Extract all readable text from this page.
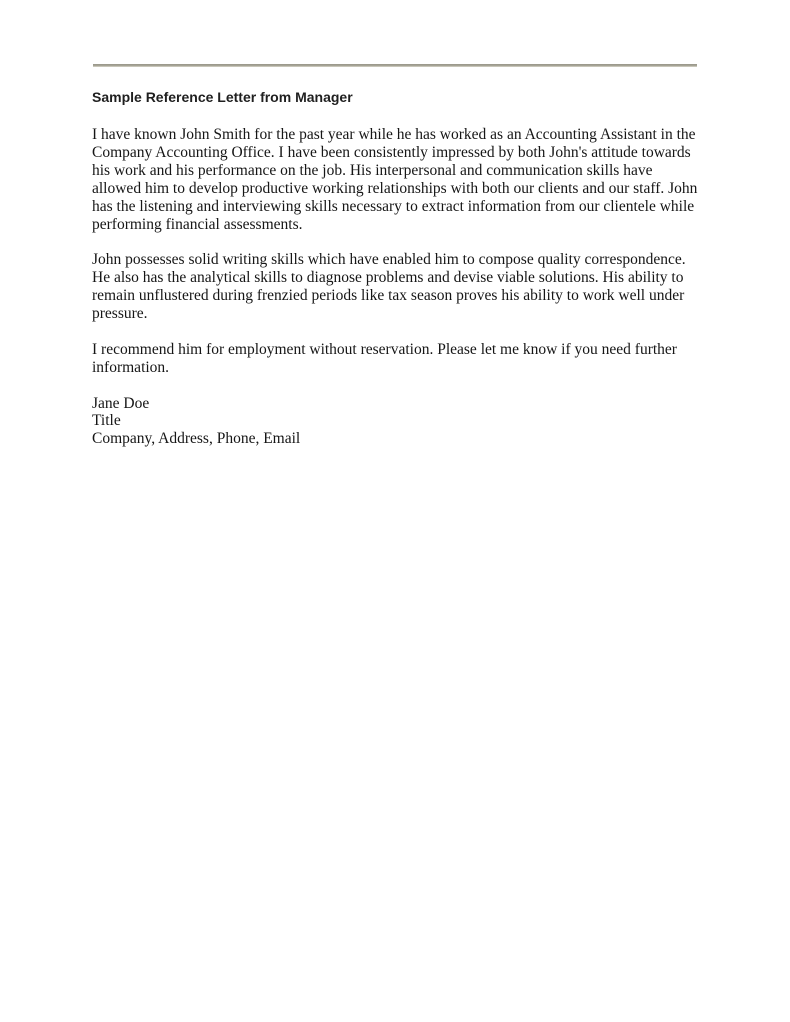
Sample Reference Letter from Manager

I have known John Smith for the past year while he has worked as an Accounting Assistant in the Company Accounting Office. I have been consistently impressed by both John's attitude towards his work and his performance on the job. His interpersonal and communication skills have allowed him to develop productive working relationships with both our clients and our staff. John has the listening and interviewing skills necessary to extract information from our clientele while performing financial assessments.

John possesses solid writing skills which have enabled him to compose quality correspondence. He also has the analytical skills to diagnose problems and devise viable solutions. His ability to remain unflustered during frenzied periods like tax season proves his ability to work well under pressure.

I recommend him for employment without reservation. Please let me know if you need further information.

Jane Doe
Title
Company, Address, Phone, Email
